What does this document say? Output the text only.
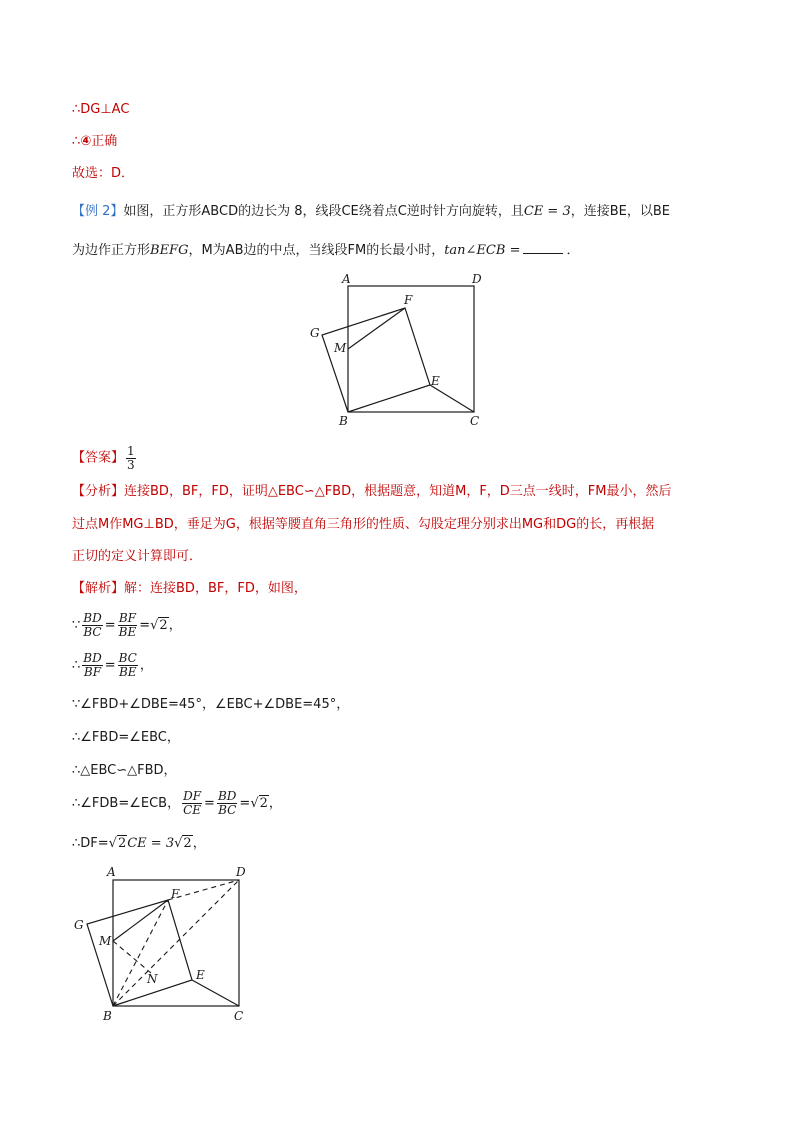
∴DG⊥AC
∴④正确
故选：D．
【例 2】如图，正方形ABCD的边长为 8，线段CE绕着点C逆时针方向旋转，且CE = 3，连接BE，以BE
为边作正方形BEFG，M为AB边的中点，当线段FM的长最小时，tan∠ECB =	．
A	D
F
G
M
E
B	C
【答案】 $\frac{1}{3}$
【分析】连接BD，BF，FD，证明△EBC∽△FBD，根据题意，知道M，F，D三点一线时，FM最小，然后
过点M作MG⊥BD，垂足为G，根据等腰直角三角形的性质、勾股定理分别求出MG和DG的长，再根据
正切的定义计算即可．
【解析】解：连接BD，BF，FD，如图，
∵ $\frac{BD}{BC} = \frac{BF}{BE} =√2$，
∴ $\frac{BD}{BF} = \frac{BC}{BE}$ ，
∵∠FBD+∠DBE=45°，∠EBC+∠DBE=45°，
∴∠FBD=∠EBC，
∴△EBC∽△FBD，
∴∠FDB=∠ECB， $\frac{DF}{CE} = \frac{BD}{BC} =√2$，
∴DF=√2CE = 3√2，
A	D
F
G
M
N	E
B	C
